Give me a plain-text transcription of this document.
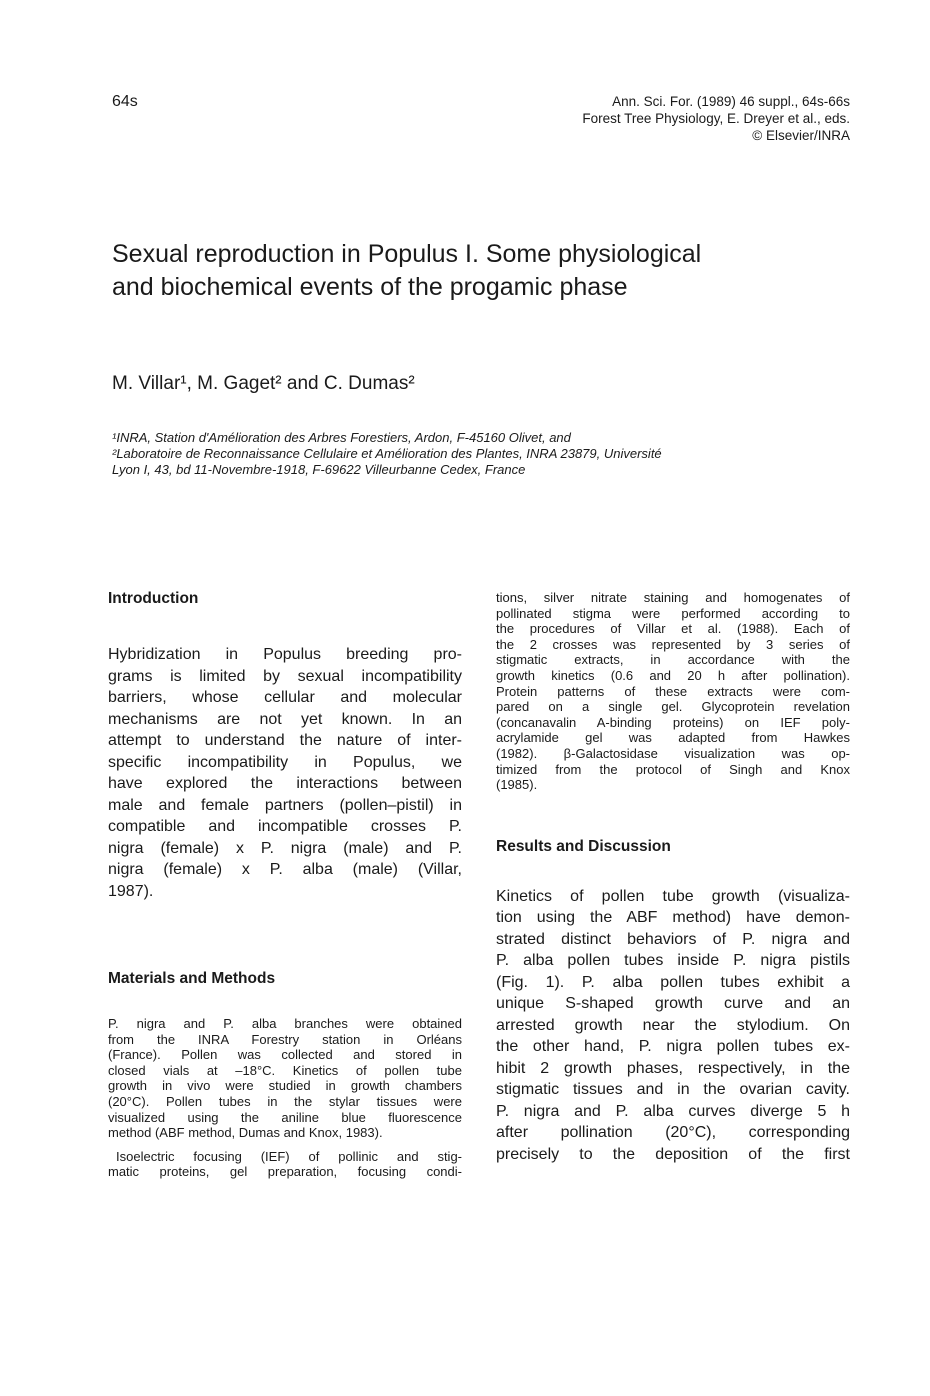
64s	Ann. Sci. For. (1989) 46 suppl., 64s-66s
Forest Tree Physiology, E. Dreyer et al., eds.
© Elsevier/INRA
Sexual reproduction in Populus I. Some physiological
and biochemical events of the progamic phase
M. Villar¹, M. Gaget² and C. Dumas²
¹INRA, Station d'Amélioration des Arbres Forestiers, Ardon, F-45160 Olivet, and
²Laboratoire de Reconnaissance Cellulaire et Amélioration des Plantes, INRA 23879, Université
Lyon I, 43, bd 11-Novembre-1918, F-69622 Villeurbanne Cedex, France
Introduction
Hybridization in Populus breeding pro-
grams is limited by sexual incompatibility
barriers, whose cellular and molecular
mechanisms are not yet known. In an
attempt to understand the nature of inter-
specific incompatibility in Populus, we
have explored the interactions between
male and female partners (pollen–pistil) in
compatible and incompatible crosses P.
nigra (female) x P. nigra (male) and P.
nigra (female) x P. alba (male) (Villar,
1987).
Materials and Methods
P. nigra and P. alba branches were obtained
from the INRA Forestry station in Orléans
(France). Pollen was collected and stored in
closed vials at –18°C. Kinetics of pollen tube
growth in vivo were studied in growth chambers
(20°C). Pollen tubes in the stylar tissues were
visualized using the aniline blue fluorescence
method (ABF method, Dumas and Knox, 1983).
Isoelectric focusing (IEF) of pollinic and stig-
matic proteins, gel preparation, focusing condi-
tions, silver nitrate staining and homogenates of
pollinated stigma were performed according to
the procedures of Villar et al. (1988). Each of
the 2 crosses was represented by 3 series of
stigmatic extracts, in accordance with the
growth kinetics (0.6 and 20 h after pollination).
Protein patterns of these extracts were com-
pared on a single gel. Glycoprotein revelation
(concanavalin A-binding proteins) on IEF poly-
acrylamide gel was adapted from Hawkes
(1982). β-Galactosidase visualization was op-
timized from the protocol of Singh and Knox
(1985).
Results and Discussion
Kinetics of pollen tube growth (visualiza-
tion using the ABF method) have demon-
strated distinct behaviors of P. nigra and
P. alba pollen tubes inside P. nigra pistils
(Fig. 1). P. alba pollen tubes exhibit a
unique S-shaped growth curve and an
arrested growth near the stylodium. On
the other hand, P. nigra pollen tubes ex-
hibit 2 growth phases, respectively, in the
stigmatic tissues and in the ovarian cavity.
P. nigra and P. alba curves diverge 5 h
after pollination (20°C), corresponding
precisely to the deposition of the first
